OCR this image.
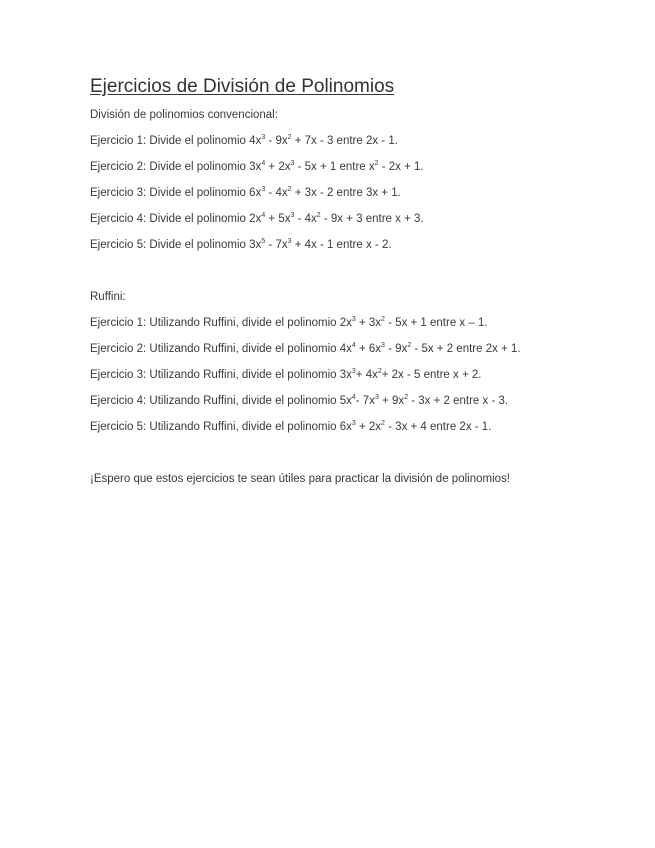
Ejercicios de División de Polinomios

División de polinomios convencional:

Ejercicio 1: Divide el polinomio $4x^3 - 9x^2 + 7x - 3$ entre 2x - 1.
Ejercicio 2: Divide el polinomio $3x^4 + 2x^3 - 5x + 1$ entre $x^2 - 2x + 1$.
Ejercicio 3: Divide el polinomio $6x^3 - 4x^2 + 3x - 2$ entre 3x + 1.
Ejercicio 4: Divide el polinomio $2x^4 + 5x^3 - 4x^2 - 9x + 3$ entre x + 3.
Ejercicio 5: Divide el polinomio $3x^5 - 7x^3 + 4x - 1$ entre x - 2.

Ruffini:

Ejercicio 1: Utilizando Ruffini, divide el polinomio $2x^3 + 3x^2 - 5x + 1$ entre x – 1.
Ejercicio 2: Utilizando Ruffini, divide el polinomio $4x^4 + 6x^3 - 9x^2 - 5x + 2$ entre 2x + 1.
Ejercicio 3: Utilizando Ruffini, divide el polinomio $3x^3+ 4x^2+ 2x - 5$ entre x + 2.
Ejercicio 4: Utilizando Ruffini, divide el polinomio $5x^4-$ $7x^3 + 9x^2 - 3x + 2$ entre x - 3.
Ejercicio 5: Utilizando Ruffini, divide el polinomio $6x^3 + 2x^2 - 3x + 4$ entre 2x - 1.

¡Espero que estos ejercicios te sean útiles para practicar la división de polinomios!
